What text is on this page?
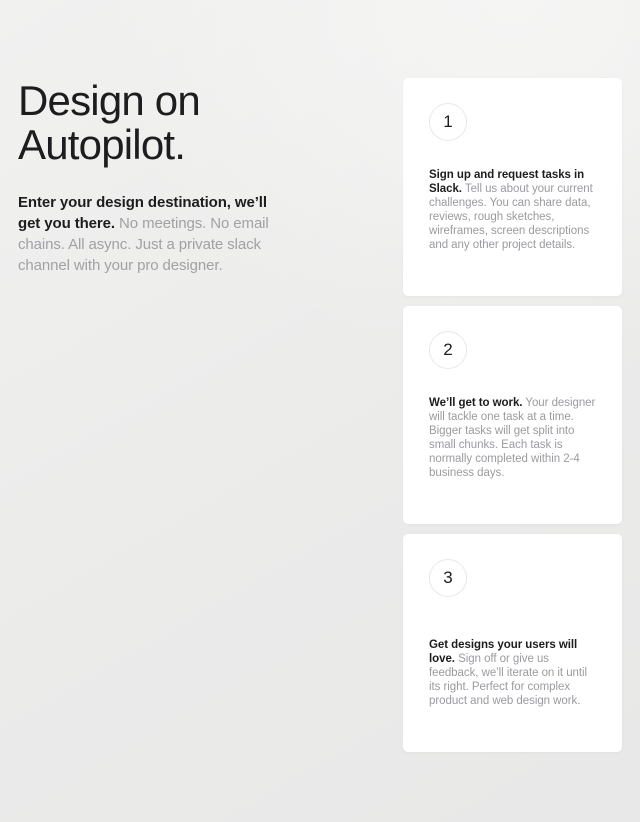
Design on
Autopilot.

Enter your design destination, we’ll get you there. No meetings. No email chains. All async. Just a private slack channel with your pro designer.

1

Sign up and request tasks in Slack. Tell us about your current challenges. You can share data, reviews, rough sketches, wireframes, screen descriptions and any other project details.

2

We’ll get to work. Your designer will tackle one task at a time. Bigger tasks will get split into small chunks. Each task is normally completed within 2-4 business days.

3

Get designs your users will love. Sign off or give us feedback, we’ll iterate on it until its right. Perfect for complex product and web design work.
